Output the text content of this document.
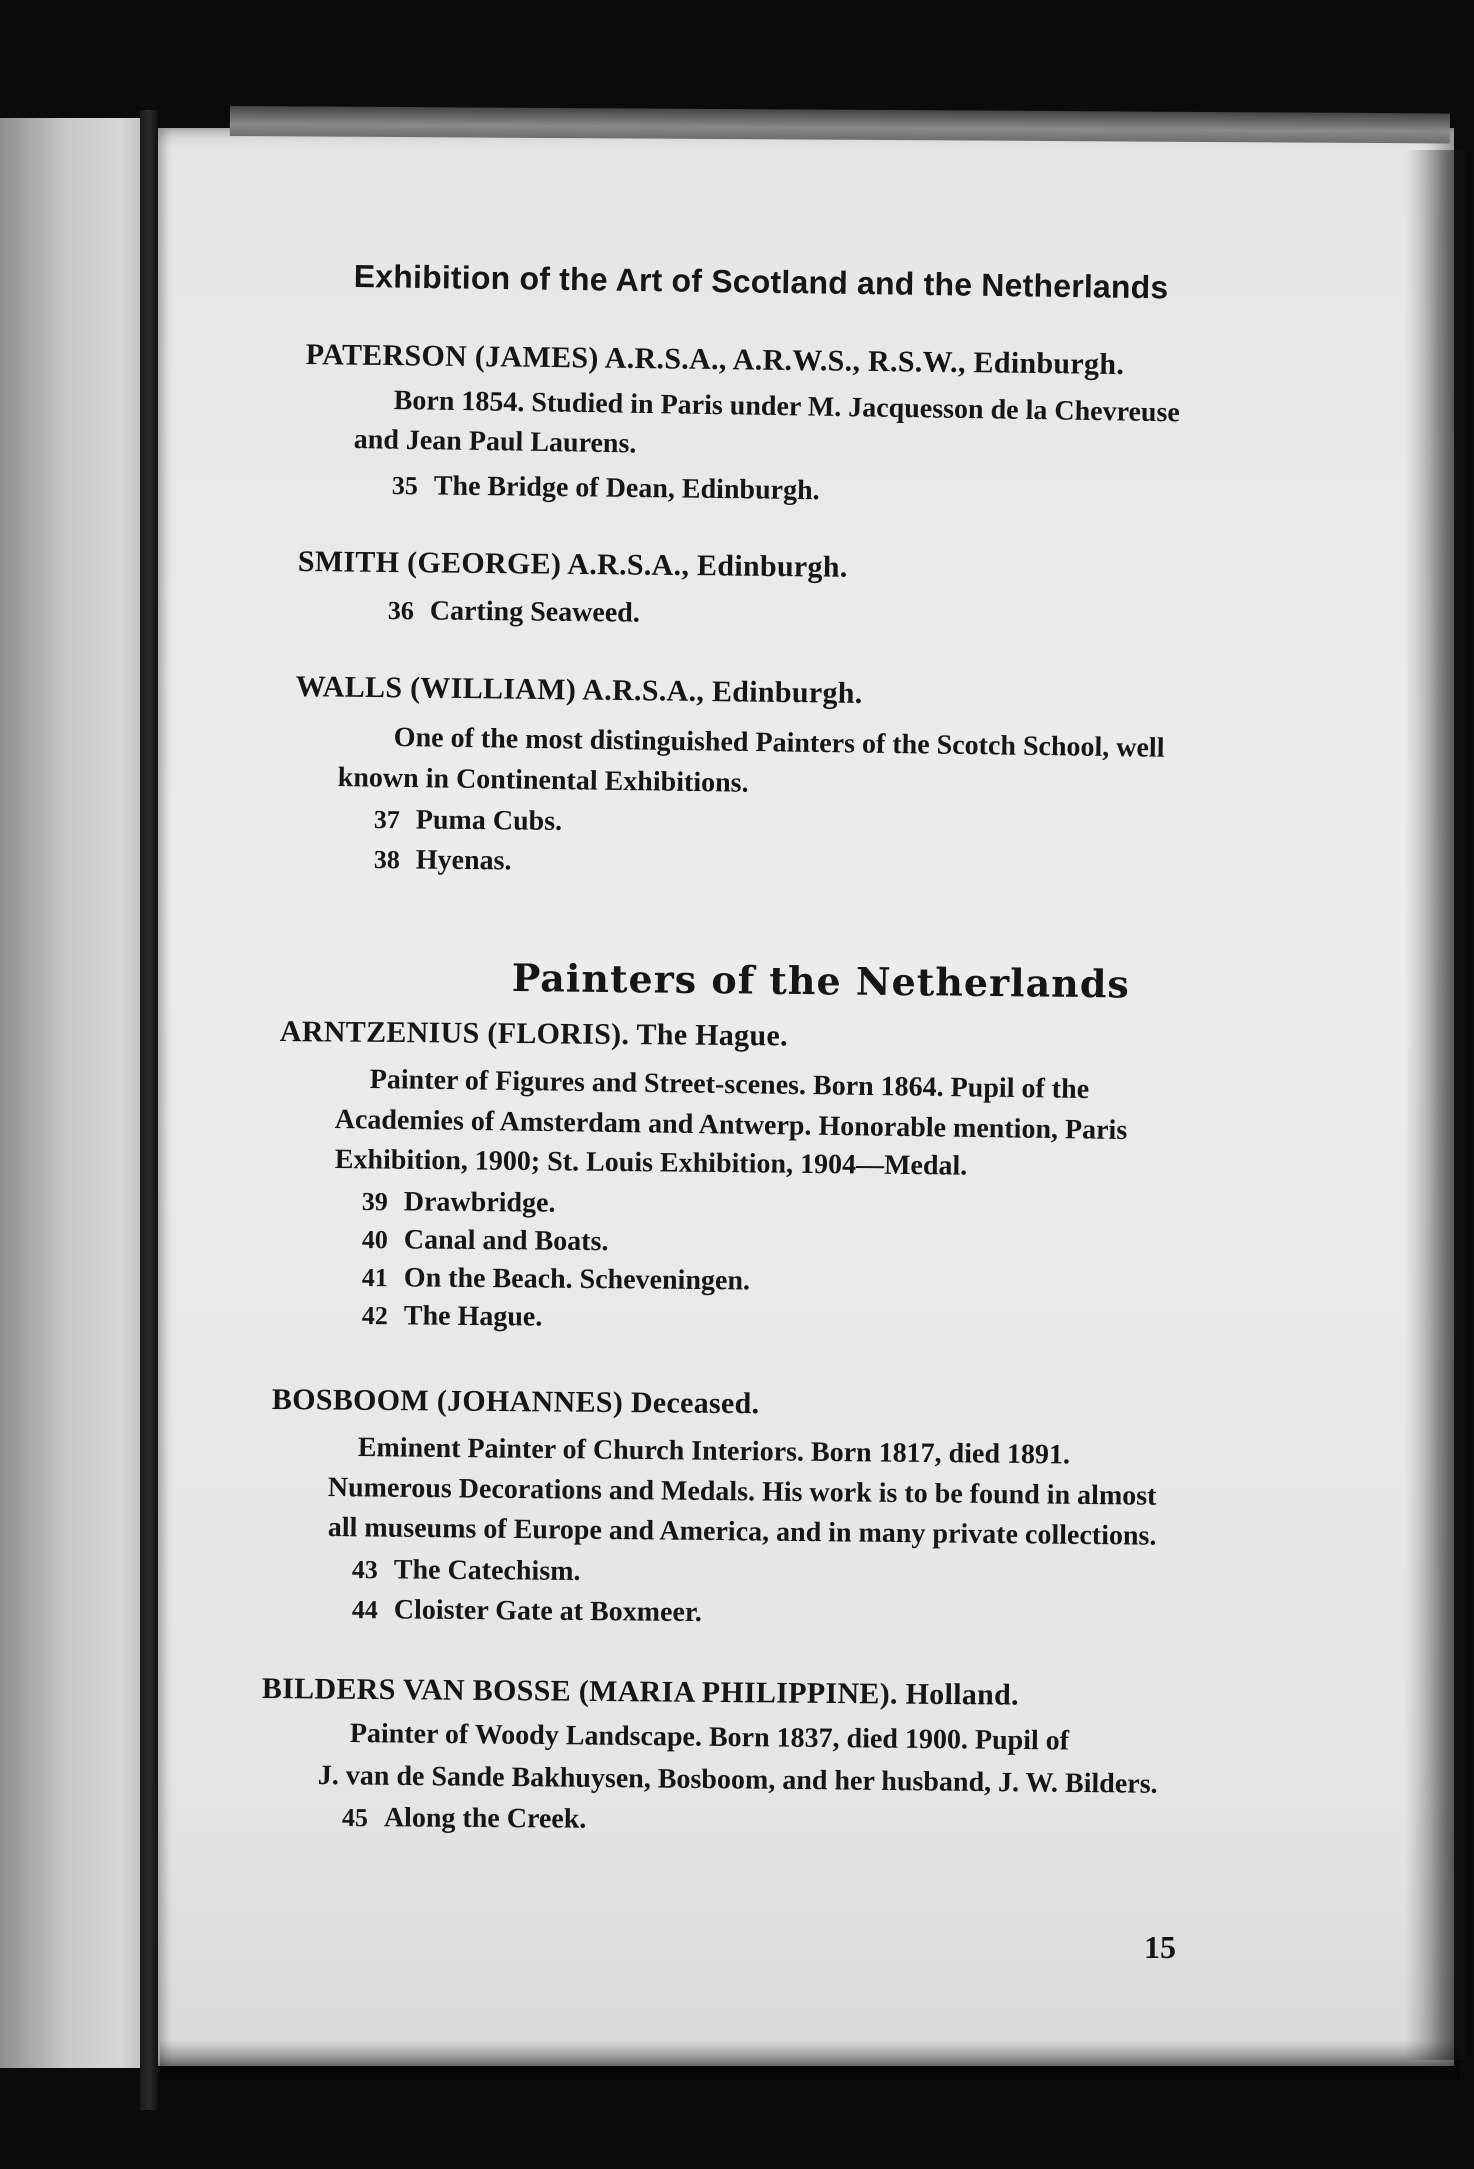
Exhibition of the Art of Scotland and the Netherlands
PATERSON (JAMES) A.R.S.A., A.R.W.S., R.S.W., Edinburgh.
Born 1854. Studied in Paris under M. Jacquesson de la Chevreuse
and Jean Paul Laurens.
35 The Bridge of Dean, Edinburgh.
SMITH (GEORGE) A.R.S.A., Edinburgh.
36 Carting Seaweed.
WALLS (WILLIAM) A.R.S.A., Edinburgh.
One of the most distinguished Painters of the Scotch School, well
known in Continental Exhibitions.
37 Puma Cubs.
38 Hyenas.
Painters of the Netherlands
ARNTZENIUS (FLORIS). The Hague.
Painter of Figures and Street-scenes. Born 1864. Pupil of the
Academies of Amsterdam and Antwerp. Honorable mention, Paris
Exhibition, 1900; St. Louis Exhibition, 1904—Medal.
39 Drawbridge.
40 Canal and Boats.
41 On the Beach. Scheveningen.
42 The Hague.
BOSBOOM (JOHANNES) Deceased.
Eminent Painter of Church Interiors. Born 1817, died 1891.
Numerous Decorations and Medals. His work is to be found in almost
all museums of Europe and America, and in many private collections.
43 The Catechism.
44 Cloister Gate at Boxmeer.
BILDERS VAN BOSSE (MARIA PHILIPPINE). Holland.
Painter of Woody Landscape. Born 1837, died 1900. Pupil of
J. van de Sande Bakhuysen, Bosboom, and her husband, J. W. Bilders.
45 Along the Creek.
15
